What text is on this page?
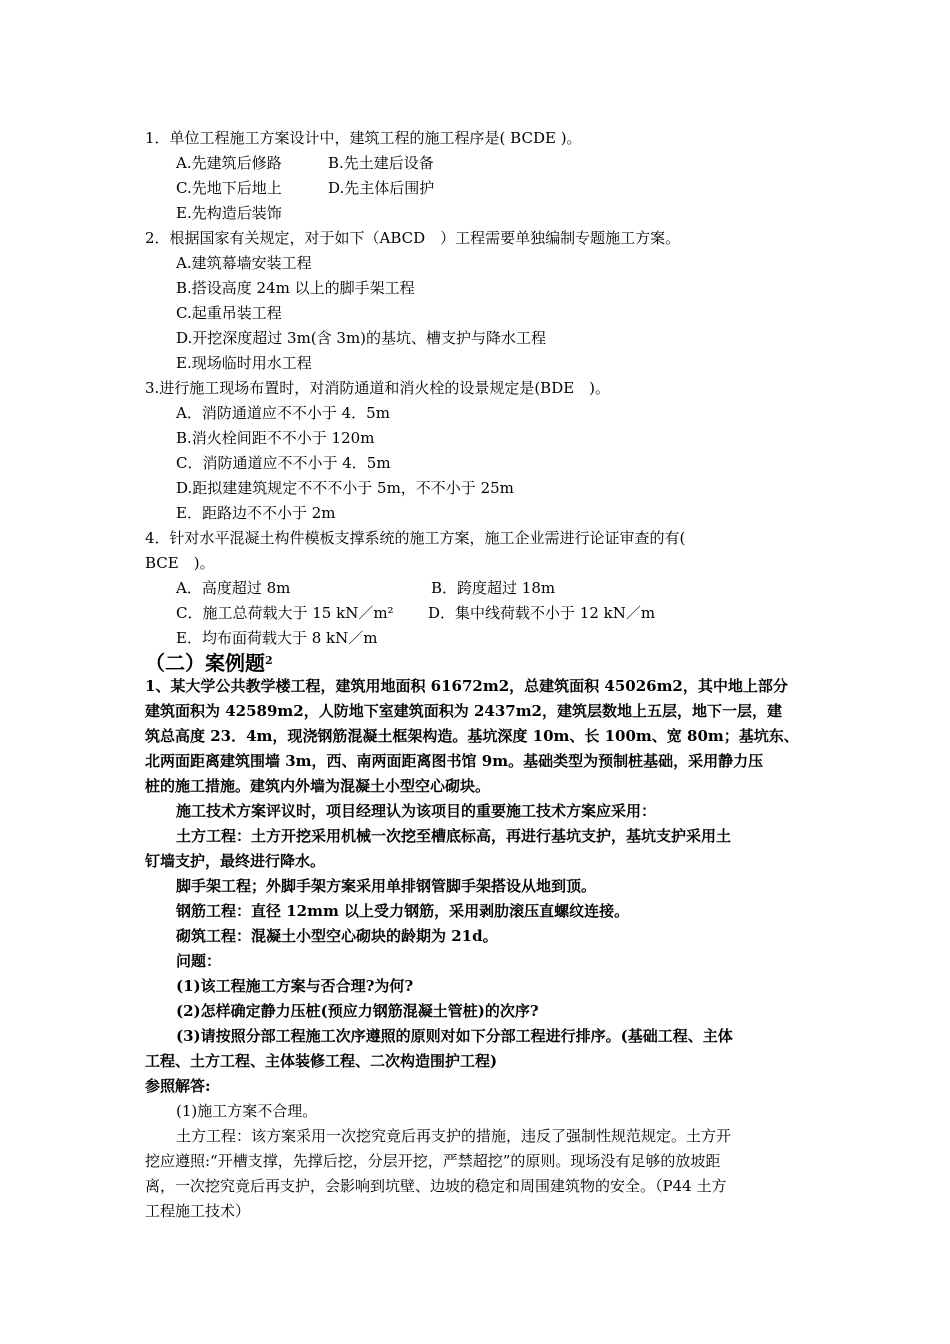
1．单位工程施工方案设计中，建筑工程的施工程序是( BCDE )。
A.先建筑后修路	B.先土建后设备
C.先地下后地上	D.先主体后围护
E.先构造后装饰
2．根据国家有关规定，对于如下（ABCD　）工程需要单独编制专题施工方案。
A.建筑幕墙安装工程
B.搭设高度 24m 以上的脚手架工程
C.起重吊装工程
D.开挖深度超过 3m(含 3m)的基坑、槽支护与降水工程
E.现场临时用水工程
3.进行施工现场布置时，对消防通道和消火栓的设景规定是(BDE　)。
A．消防通道应不不小于 4．5m
B.消火栓间距不不小于 120m
C．消防通道应不不小于 4．5m
D.距拟建建筑规定不不不小于 5m，不不小于 25m
E．距路边不不小于 2m
4．针对水平混凝土构件模板支撑系统的施工方案，施工企业需进行论证审查的有(
BCE　)。
A．高度超过 8m	B．跨度超过 18m
C．施工总荷载大于 15 kN／m² D．集中线荷载不小于 12 kN／m
E．均布面荷载大于 8 kN／m
（二）案例题$^2$
1、某大学公共教学楼工程，建筑用地面积 61672m2，总建筑面积 45026m2，其中地上部分
建筑面积为 42589m2，人防地下室建筑面积为 2437m2，建筑层数地上五层，地下一层，建
筑总高度 23．4m，现浇钢筋混凝土框架构造。基坑深度 10m、长 100m、宽 80m；基坑东、
北两面距离建筑围墙 3m，西、南两面距离图书馆 9m。基础类型为预制桩基础，采用静力压
桩的施工措施。建筑内外墙为混凝土小型空心砌块。
施工技术方案评议时，项目经理认为该项目的重要施工技术方案应采用：
土方工程：土方开挖采用机械一次挖至槽底标高，再进行基坑支护，基坑支护采用土
钉墙支护，最终进行降水。
脚手架工程；外脚手架方案采用单排钢管脚手架搭设从地到顶。
钢筋工程：直径 12mm 以上受力钢筋，采用剥肋滚压直螺纹连接。
砌筑工程：混凝土小型空心砌块的龄期为 21d。
问题：
(1)该工程施工方案与否合理?为何?
(2)怎样确定静力压桩(预应力钢筋混凝土管桩)的次序?
(3)请按照分部工程施工次序遵照的原则对如下分部工程进行排序。(基础工程、主体
工程、土方工程、主体装修工程、二次构造围护工程)
参照解答:
(1)施工方案不合理。
土方工程：该方案采用一次挖究竟后再支护的措施，违反了强制性规范规定。土方开
挖应遵照:“开槽支撑，先撑后挖，分层开挖，严禁超挖”的原则。现场没有足够的放坡距
离，一次挖究竟后再支护，会影响到坑壁、边坡的稳定和周围建筑物的安全。（P44 土方
工程施工技术）
